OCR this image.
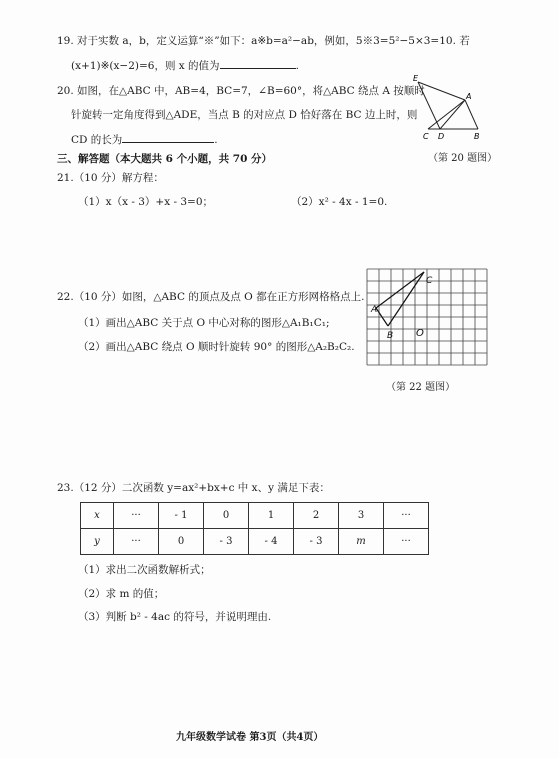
19. 对于实数 a，b，定义运算“※”如下：a※b=a²−ab，例如，5※3=5²−5×3=10. 若
(x+1)※(x−2)=6，则 x 的值为	.
20. 如图，在△ABC 中，AB=4，BC=7，∠B=60°，将△ABC 绕点 A 按顺时
针旋转一定角度得到△ADE，当点 B 的对应点 D 恰好落在 BC 边上时，则
CD 的长为	.
E
A
C D	B
三、解答题（本大题共 6 个小题，共 70 分）	（第 20 题图）
21.（10 分）解方程：
（1）x（x - 3）+x - 3=0；	（2）x² - 4x - 1=0.
22.（10 分）如图，△ABC 的顶点及点 O 都在正方形网格格点上.
（1）画出△ABC 关于点 O 中心对称的图形△A₁B₁C₁;
（2）画出△ABC 绕点 O 顺时针旋转 90° 的图形△A₂B₂C₂.
A
B
C
O
（第 22 题图）
23.（12 分）二次函数 y=ax²+bx+c 中 x、y 满足下表：
x	···	- 1	0	1	2	3	···
y	···	0	- 3	- 4	- 3	m	···
（1）求出二次函数解析式；
（2）求 m 的值；
（3）判断 b² - 4ac 的符号，并说明理由.
九年级数学试卷 第3页（共4页）
